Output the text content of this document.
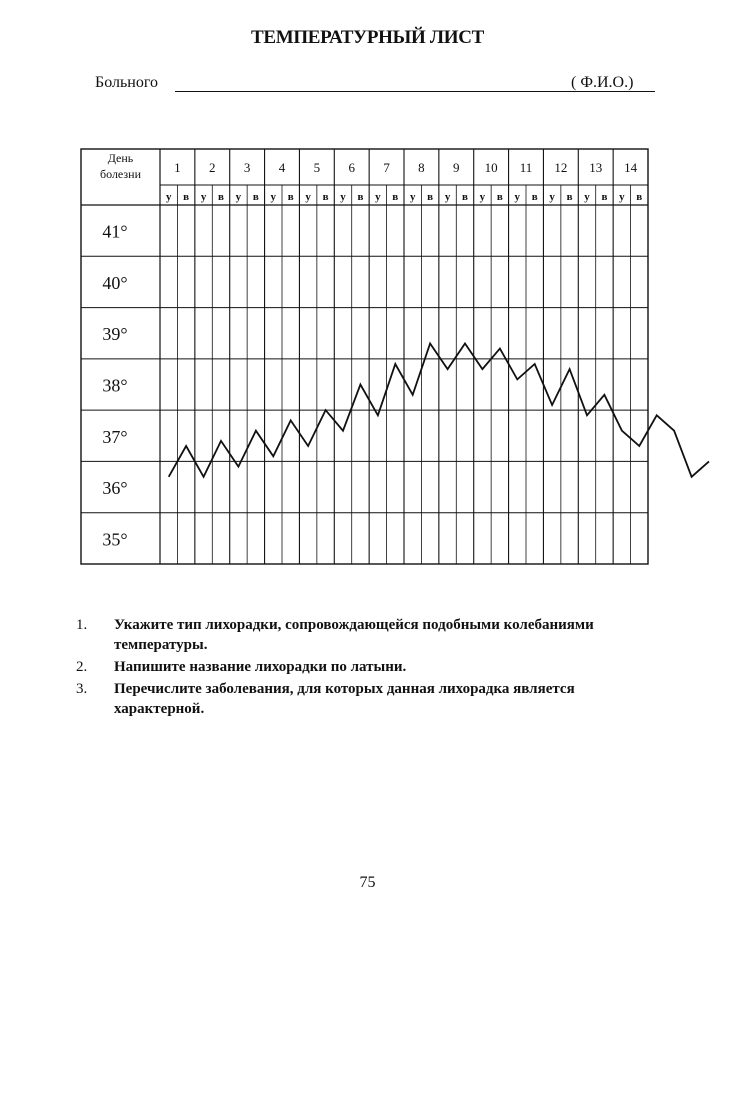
ТЕМПЕРАТУРНЫЙ ЛИСТ
Больного	( Ф.И.О.)
День
болезни	1 2 3 4 5 6 7 8 9 10 11 12 13 14
у в у в у в у в у в у в у в у в у в у в у в у в у в у в
41°
40°
39°
38°
37°
36°
35°
1. Укажите тип лихорадки, сопровождающейся подобными колебаниями температуры.
2. Напишите название лихорадки по латыни.
3. Перечислите заболевания, для которых данная лихорадка является характерной.
75
